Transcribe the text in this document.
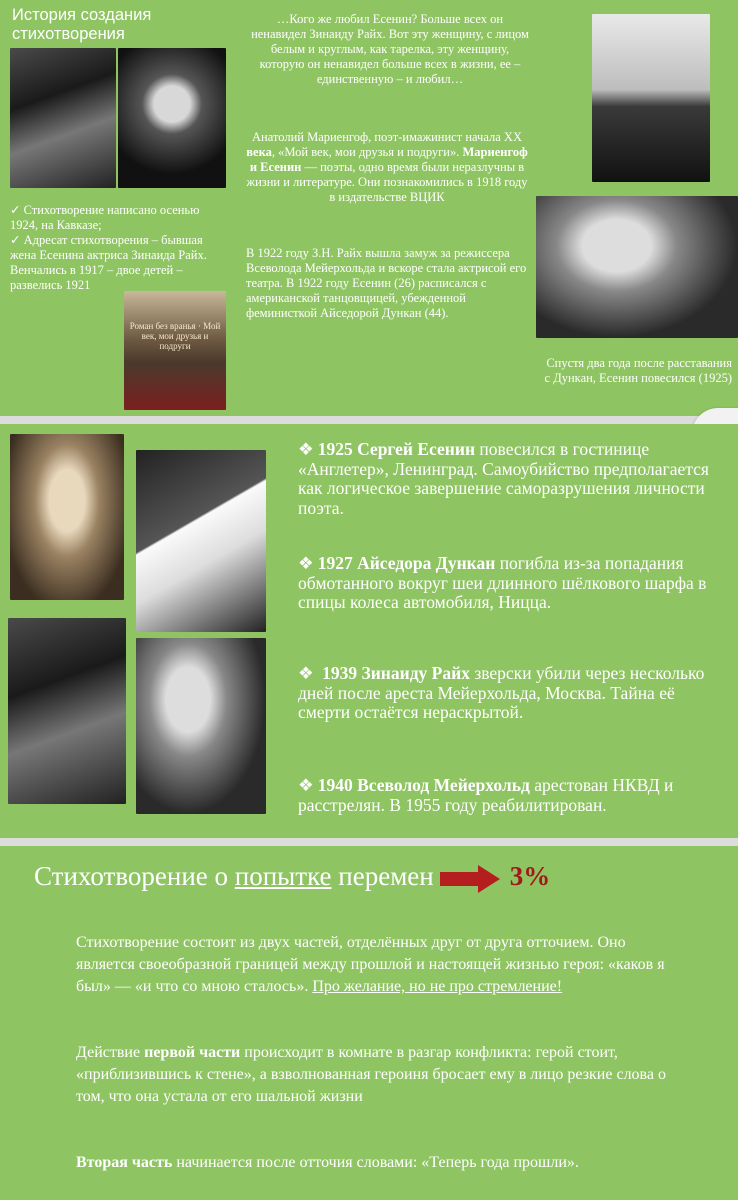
История создания стихотворения
✓ Стихотворение написано осенью 1924, на Кавказе;
✓ Адресат стихотворения – бывшая жена Есенина актриса Зинаида Райх. Венчались в 1917 – двое детей – развелись 1921
Роман без вранья · Мой век, мои друзья и подруги
…Кого же любил Есенин? Больше всех он ненавидел Зинаиду Райх. Вот эту женщину, с лицом белым и круглым, как тарелка, эту женщину, которую он ненавидел больше всех в жизни, ее – единственную – и любил…
Анатолий Мариенгоф, поэт-имажинист начала XX века, «Мой век, мои друзья и подруги». Мариенгоф и Есенин — поэты, одно время были неразлучны в жизни и литературе. Они познакомились в 1918 году в издательстве ВЦИК
В 1922 году З.Н. Райх вышла замуж за режиссера Всеволода Мейерхольда и вскоре стала актрисой его театра. В 1922 году Есенин (26) расписался с американской танцовщицей, убежденной феминисткой Айседорой Дункан (44).
Спустя два года после расставания с Дункан, Есенин повесился (1925)
❖ 1925 Сергей Есенин повесился в гостинице «Англетер», Ленинград. Самоубийство предполагается как логическое завершение саморазрушения личности поэта.
❖ 1927 Айседора Дункан погибла из-за попадания обмотанного вокруг шеи длинного шёлкового шарфа в спицы колеса автомобиля, Ницца.
❖ 1939 Зинаиду Райх зверски убили через несколько дней после ареста Мейерхольда, Москва. Тайна её смерти остаётся нераскрытой.
❖ 1940 Всеволод Мейерхольд арестован НКВД и расстрелян. В 1955 году реабилитирован.
Стихотворение о попытке перемен	3%
Стихотворение состоит из двух частей, отделённых друг от друга отточием. Оно является своеобразной границей между прошлой и настоящей жизнью героя: «каков я был» — «и что со мною сталось». Про желание, но не про стремление!
Действие первой части происходит в комнате в разгар конфликта: герой стоит, «приблизившись к стене», а взволнованная героиня бросает ему в лицо резкие слова о том, что она устала от его шальной жизни
Вторая часть начинается после отточия словами: «Теперь года прошли».
